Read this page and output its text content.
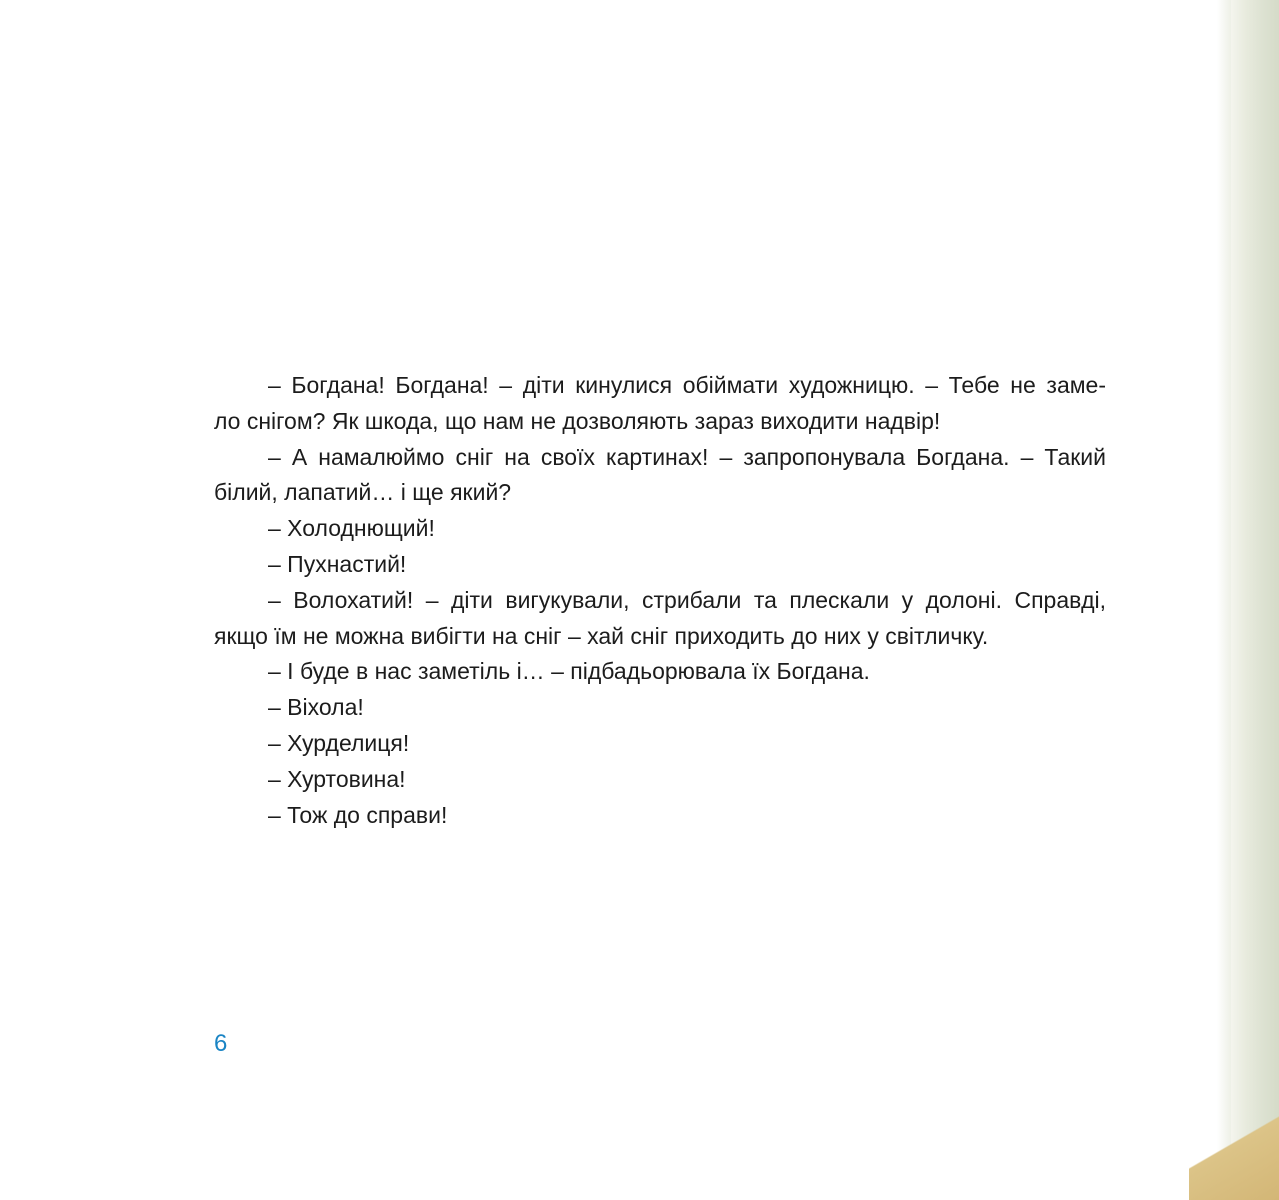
– Богдана! Богдана! – діти кинулися обіймати художницю. – Тебе не заме-
ло снігом? Як шкода, що нам не дозволяють зараз виходити надвір!

– А намалюймо сніг на своїх картинах! – запропонувала Богдана. – Такий
білий, лапатий… і ще який?

– Холоднющий!

– Пухнастий!

– Волохатий! – діти вигукували, стрибали та плескали у долоні. Справді,
якщо їм не можна вибігти на сніг – хай сніг приходить до них у світличку.

– І буде в нас заметіль і… – підбадьорювала їх Богдана.

– Віхола!

– Хурделиця!

– Хуртовина!

– Тож до справи!

6
